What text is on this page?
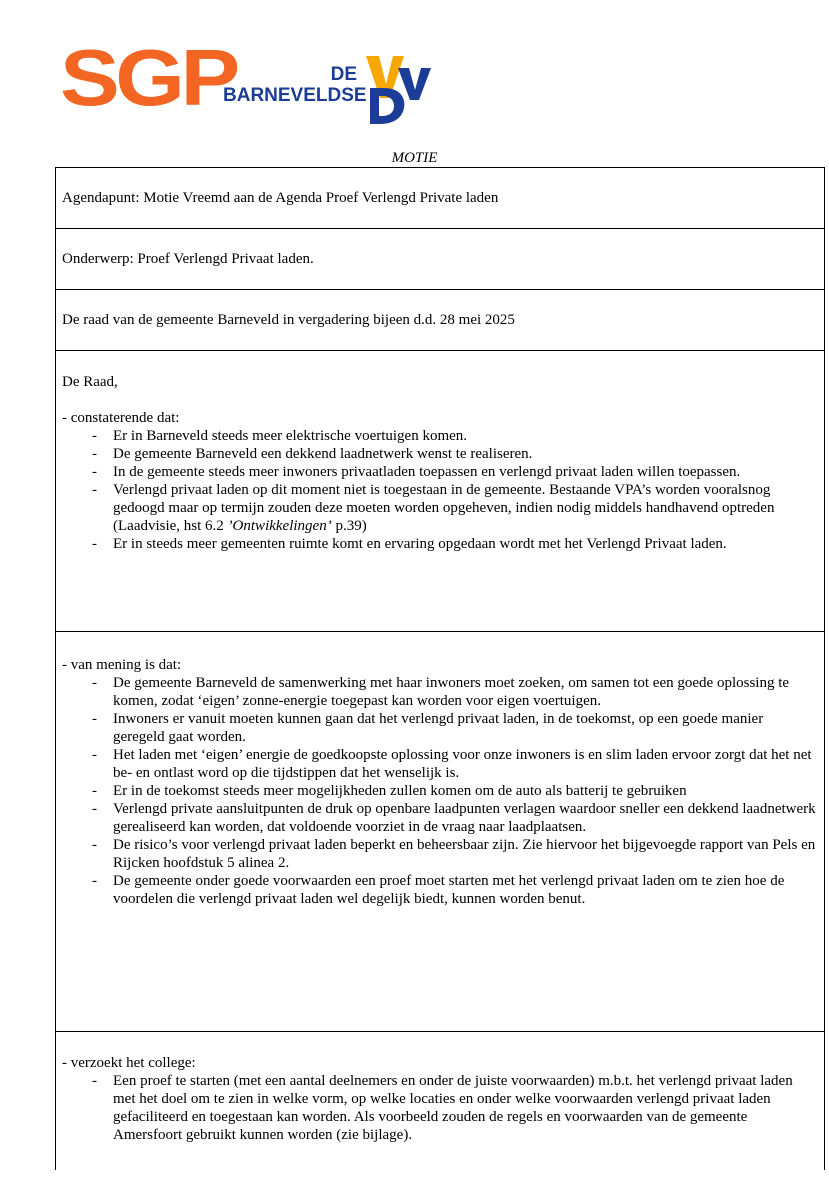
SGP	DE
BARNEVELDSE
MOTIE
Agendapunt: Motie Vreemd aan de Agenda Proef Verlengd Private laden
Onderwerp: Proef Verlengd Privaat laden.
De raad van de gemeente Barneveld in vergadering bijeen d.d. 28 mei 2025
De Raad,
- constaterende dat:
- Er in Barneveld steeds meer elektrische voertuigen komen.
- De gemeente Barneveld een dekkend laadnetwerk wenst te realiseren.
- In de gemeente steeds meer inwoners privaatladen toepassen en verlengd privaat laden willen toepassen.
- Verlengd privaat laden op dit moment niet is toegestaan in de gemeente. Bestaande VPA’s worden vooralsnog gedoogd maar op termijn zouden deze moeten worden opgeheven, indien nodig middels handhavend optreden (Laadvisie, hst 6.2 ’Ontwikkelingen’ p.39)
- Er in steeds meer gemeenten ruimte komt en ervaring opgedaan wordt met het Verlengd Privaat laden.
- van mening is dat:
- De gemeente Barneveld de samenwerking met haar inwoners moet zoeken, om samen tot een goede oplossing te komen, zodat ‘eigen’ zonne-energie toegepast kan worden voor eigen voertuigen.
- Inwoners er vanuit moeten kunnen gaan dat het verlengd privaat laden, in de toekomst, op een goede manier geregeld gaat worden.
- Het laden met ‘eigen’ energie de goedkoopste oplossing voor onze inwoners is en slim laden ervoor zorgt dat het net be- en ontlast word op die tijdstippen dat het wenselijk is.
- Er in de toekomst steeds meer mogelijkheden zullen komen om de auto als batterij te gebruiken
- Verlengd private aansluitpunten de druk op openbare laadpunten verlagen waardoor sneller een dekkend laadnetwerk gerealiseerd kan worden, dat voldoende voorziet in de vraag naar laadplaatsen.
- De risico’s voor verlengd privaat laden beperkt en beheersbaar zijn. Zie hiervoor het bijgevoegde rapport van Pels en Rijcken hoofdstuk 5 alinea 2.
- De gemeente onder goede voorwaarden een proef moet starten met het verlengd privaat laden om te zien hoe de voordelen die verlengd privaat laden wel degelijk biedt, kunnen worden benut.
- verzoekt het college:
- Een proef te starten (met een aantal deelnemers en onder de juiste voorwaarden) m.b.t. het verlengd privaat laden met het doel om te zien in welke vorm, op welke locaties en onder welke voorwaarden verlengd privaat laden gefaciliteerd en toegestaan kan worden. Als voorbeeld zouden de regels en voorwaarden van de gemeente Amersfoort gebruikt kunnen worden (zie bijlage).
